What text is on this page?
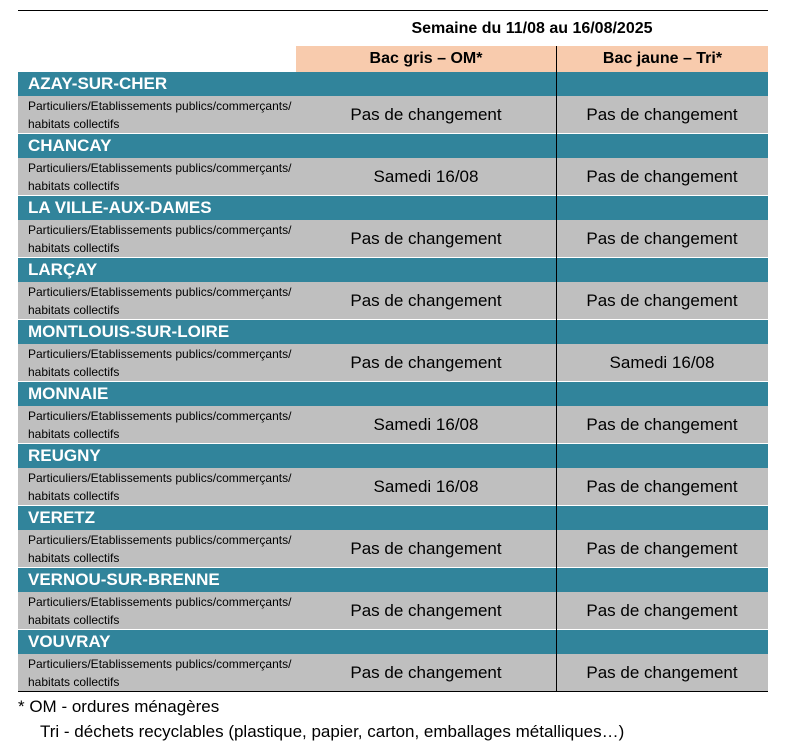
Semaine du 11/08 au 16/08/2025
Bac gris – OM*	Bac jaune – Tri*
AZAY-SUR-CHER
Particuliers/Etablissements publics/commerçants/ habitats collectifs
Pas de changement	Pas de changement
CHANCAY
Particuliers/Etablissements publics/commerçants/ habitats collectifs
Samedi 16/08	Pas de changement
LA VILLE-AUX-DAMES
Particuliers/Etablissements publics/commerçants/ habitats collectifs
Pas de changement	Pas de changement
LARÇAY
Particuliers/Etablissements publics/commerçants/ habitats collectifs
Pas de changement	Pas de changement
MONTLOUIS-SUR-LOIRE
Particuliers/Etablissements publics/commerçants/ habitats collectifs
Pas de changement	Samedi 16/08
MONNAIE
Particuliers/Etablissements publics/commerçants/ habitats collectifs
Samedi 16/08	Pas de changement
REUGNY
Particuliers/Etablissements publics/commerçants/ habitats collectifs
Samedi 16/08	Pas de changement
VERETZ
Particuliers/Etablissements publics/commerçants/ habitats collectifs
Pas de changement	Pas de changement
VERNOU-SUR-BRENNE
Particuliers/Etablissements publics/commerçants/ habitats collectifs
Pas de changement	Pas de changement
VOUVRAY
Particuliers/Etablissements publics/commerçants/ habitats collectifs
Pas de changement	Pas de changement
* OM - ordures ménagères
Tri - déchets recyclables (plastique, papier, carton, emballages métalliques…)
